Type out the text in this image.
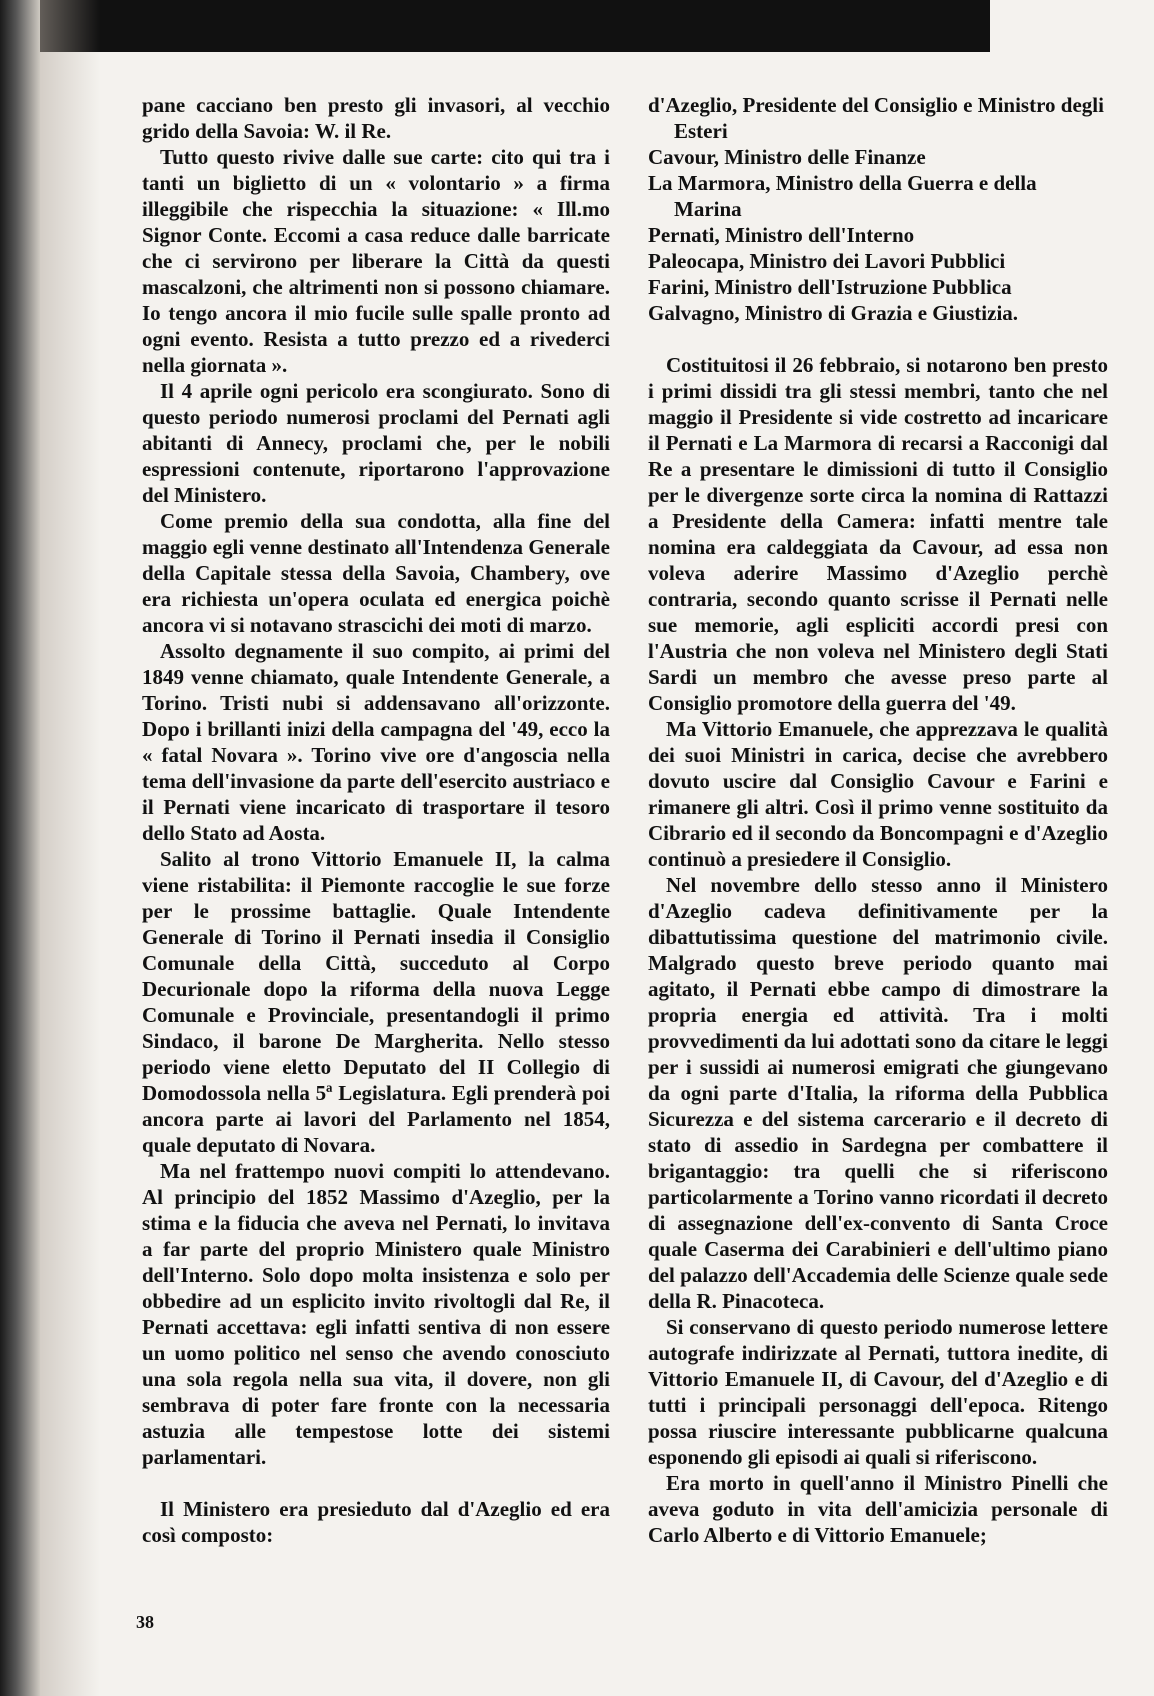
pane cacciano ben presto gli invasori, al vecchio grido della Savoia: W. il Re.

Tutto questo rivive dalle sue carte: cito qui tra i tanti un biglietto di un « volontario » a firma illeggibile che rispecchia la situazione: « Ill.mo Signor Conte. Eccomi a casa reduce dalle barricate che ci servirono per liberare la Città da questi mascalzoni, che altrimenti non si possono chiamare. Io tengo ancora il mio fucile sulle spalle pronto ad ogni evento. Resista a tutto prezzo ed a rivederci nella giornata ».

Il 4 aprile ogni pericolo era scongiurato. Sono di questo periodo numerosi proclami del Pernati agli abitanti di Annecy, proclami che, per le nobili espressioni contenute, riportarono l'approvazione del Ministero.

Come premio della sua condotta, alla fine del maggio egli venne destinato all'Intendenza Generale della Capitale stessa della Savoia, Chambery, ove era richiesta un'opera oculata ed energica poichè ancora vi si notavano strascichi dei moti di marzo.

Assolto degnamente il suo compito, ai primi del 1849 venne chiamato, quale Intendente Generale, a Torino. Tristi nubi si addensavano all'orizzonte. Dopo i brillanti inizi della campagna del '49, ecco la « fatal Novara ». Torino vive ore d'angoscia nella tema dell'invasione da parte dell'esercito austriaco e il Pernati viene incaricato di trasportare il tesoro dello Stato ad Aosta.

Salito al trono Vittorio Emanuele II, la calma viene ristabilita: il Piemonte raccoglie le sue forze per le prossime battaglie. Quale Intendente Generale di Torino il Pernati insedia il Consiglio Comunale della Città, succeduto al Corpo Decurionale dopo la riforma della nuova Legge Comunale e Provinciale, presentandogli il primo Sindaco, il barone De Margherita. Nello stesso periodo viene eletto Deputato del II Collegio di Domodossola nella 5ª Legislatura. Egli prenderà poi ancora parte ai lavori del Parlamento nel 1854, quale deputato di Novara.

Ma nel frattempo nuovi compiti lo attendevano. Al principio del 1852 Massimo d'Azeglio, per la stima e la fiducia che aveva nel Pernati, lo invitava a far parte del proprio Ministero quale Ministro dell'Interno. Solo dopo molta insistenza e solo per obbedire ad un esplicito invito rivoltogli dal Re, il Pernati accettava: egli infatti sentiva di non essere un uomo politico nel senso che avendo conosciuto una sola regola nella sua vita, il dovere, non gli sembrava di poter fare fronte con la necessaria astuzia alle tempestose lotte dei sistemi parlamentari.

Il Ministero era presieduto dal d'Azeglio ed era così composto:

d'Azeglio, Presidente del Consiglio e Ministro degli Esteri
Cavour, Ministro delle Finanze
La Marmora, Ministro della Guerra e della Marina
Pernati, Ministro dell'Interno
Paleocapa, Ministro dei Lavori Pubblici
Farini, Ministro dell'Istruzione Pubblica
Galvagno, Ministro di Grazia e Giustizia.

Costituitosi il 26 febbraio, si notarono ben presto i primi dissidi tra gli stessi membri, tanto che nel maggio il Presidente si vide costretto ad incaricare il Pernati e La Marmora di recarsi a Racconigi dal Re a presentare le dimissioni di tutto il Consiglio per le divergenze sorte circa la nomina di Rattazzi a Presidente della Camera: infatti mentre tale nomina era caldeggiata da Cavour, ad essa non voleva aderire Massimo d'Azeglio perchè contraria, secondo quanto scrisse il Pernati nelle sue memorie, agli espliciti accordi presi con l'Austria che non voleva nel Ministero degli Stati Sardi un membro che avesse preso parte al Consiglio promotore della guerra del '49.

Ma Vittorio Emanuele, che apprezzava le qualità dei suoi Ministri in carica, decise che avrebbero dovuto uscire dal Consiglio Cavour e Farini e rimanere gli altri. Così il primo venne sostituito da Cibrario ed il secondo da Boncompagni e d'Azeglio continuò a presiedere il Consiglio.

Nel novembre dello stesso anno il Ministero d'Azeglio cadeva definitivamente per la dibattutissima questione del matrimonio civile. Malgrado questo breve periodo quanto mai agitato, il Pernati ebbe campo di dimostrare la propria energia ed attività. Tra i molti provvedimenti da lui adottati sono da citare le leggi per i sussidi ai numerosi emigrati che giungevano da ogni parte d'Italia, la riforma della Pubblica Sicurezza e del sistema carcerario e il decreto di stato di assedio in Sardegna per combattere il brigantaggio: tra quelli che si riferiscono particolarmente a Torino vanno ricordati il decreto di assegnazione dell'ex-convento di Santa Croce quale Caserma dei Carabinieri e dell'ultimo piano del palazzo dell'Accademia delle Scienze quale sede della R. Pinacoteca.

Si conservano di questo periodo numerose lettere autografe indirizzate al Pernati, tuttora inedite, di Vittorio Emanuele II, di Cavour, del d'Azeglio e di tutti i principali personaggi dell'epoca. Ritengo possa riuscire interessante pubblicarne qualcuna esponendo gli episodi ai quali si riferiscono.

Era morto in quell'anno il Ministro Pinelli che aveva goduto in vita dell'amicizia personale di Carlo Alberto e di Vittorio Emanuele;

38
